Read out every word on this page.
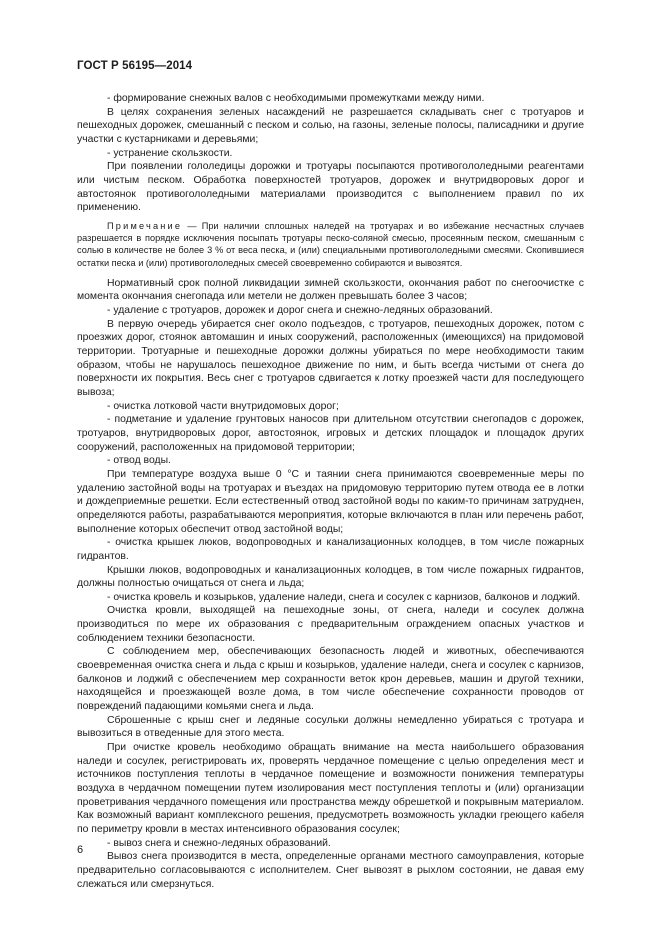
ГОСТ Р 56195—2014

- формирование снежных валов с необходимыми промежутками между ними.

В целях сохранения зеленых насаждений не разрешается складывать снег с тротуаров и пешеходных дорожек, смешанный с песком и солью, на газоны, зеленые полосы, палисадники и другие участки с кустарниками и деревьями;

- устранение скользкости.

При появлении гололедицы дорожки и тротуары посыпаются противогололедными реагентами или чистым песком. Обработка поверхностей тротуаров, дорожек и внутридворовых дорог и автостоянок противогололедными материалами производится с выполнением правил по их применению.

Примечание — При наличии сплошных наледей на тротуарах и во избежание несчастных случаев разрешается в порядке исключения посыпать тротуары песко-соляной смесью, просеянным песком, смешанным с солью в количестве не более 3 % от веса песка, и (или) специальными противогололедными смесями. Скопившиеся остатки песка и (или) противогололедных смесей своевременно собираются и вывозятся.

Нормативный срок полной ликвидации зимней скользкости, окончания работ по снегоочистке с момента окончания снегопада или метели не должен превышать более 3 часов;

- удаление с тротуаров, дорожек и дорог снега и снежно-ледяных образований.

В первую очередь убирается снег около подъездов, с тротуаров, пешеходных дорожек, потом с проезжих дорог, стоянок автомашин и иных сооружений, расположенных (имеющихся) на придомовой территории. Тротуарные и пешеходные дорожки должны убираться по мере необходимости таким образом, чтобы не нарушалось пешеходное движение по ним, и быть всегда чистыми от снега до поверхности их покрытия. Весь снег с тротуаров сдвигается к лотку проезжей части для последующего вывоза;

- очистка лотковой части внутридомовых дорог;

- подметание и удаление грунтовых наносов при длительном отсутствии снегопадов с дорожек, тротуаров, внутридворовых дорог, автостоянок, игровых и детских площадок и площадок других сооружений, расположенных на придомовой территории;

- отвод воды.

При температуре воздуха выше 0 °C и таянии снега принимаются своевременные меры по удалению застойной воды на тротуарах и въездах на придомовую территорию путем отвода ее в лотки и дождеприемные решетки. Если естественный отвод застойной воды по каким-то причинам затруднен, определяются работы, разрабатываются мероприятия, которые включаются в план или перечень работ, выполнение которых обеспечит отвод застойной воды;

- очистка крышек люков, водопроводных и канализационных колодцев, в том числе пожарных гидрантов.

Крышки люков, водопроводных и канализационных колодцев, в том числе пожарных гидрантов, должны полностью очищаться от снега и льда;

- очистка кровель и козырьков, удаление наледи, снега и сосулек с карнизов, балконов и лоджий.

Очистка кровли, выходящей на пешеходные зоны, от снега, наледи и сосулек должна производиться по мере их образования с предварительным ограждением опасных участков и соблюдением техники безопасности.

С соблюдением мер, обеспечивающих безопасность людей и животных, обеспечиваются своевременная очистка снега и льда с крыш и козырьков, удаление наледи, снега и сосулек с карнизов, балконов и лоджий с обеспечением мер сохранности веток крон деревьев, машин и другой техники, находящейся и проезжающей возле дома, в том числе обеспечение сохранности проводов от повреждений падающими комьями снега и льда.

Сброшенные с крыш снег и ледяные сосульки должны немедленно убираться с тротуара и вывозиться в отведенные для этого места.

При очистке кровель необходимо обращать внимание на места наибольшего образования наледи и сосулек, регистрировать их, проверять чердачное помещение с целью определения мест и источников поступления теплоты в чердачное помещение и возможности понижения температуры воздуха в чердачном помещении путем изолирования мест поступления теплоты и (или) организации проветривания чердачного помещения или пространства между обрешеткой и покрывным материалом. Как возможный вариант комплексного решения, предусмотреть возможность укладки греющего кабеля по периметру кровли в местах интенсивного образования сосулек;

- вывоз снега и снежно-ледяных образований.

Вывоз снега производится в места, определенные органами местного самоуправления, которые предварительно согласовываются с исполнителем. Снег вывозят в рыхлом состоянии, не давая ему слежаться или смерзнуться.

6
